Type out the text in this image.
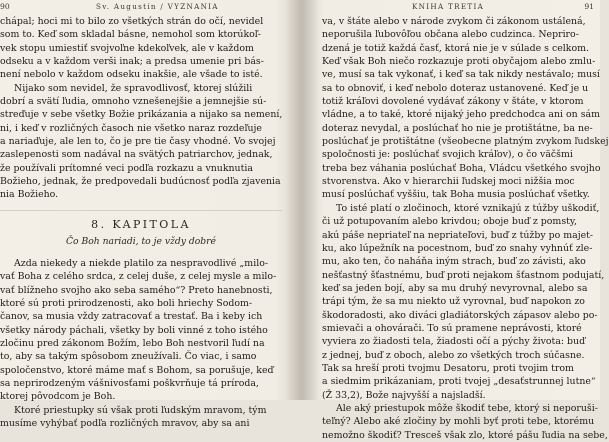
90	Sv. Augustín / VYZNANIA
chápal; hoci mi to bilo zo všetkých strán do očí, nevidel
som to. Keď som skladal básne, nemohol som ktorúkoľ-
vek stopu umiestiť svojvoľne kdekoľvek, ale v každom
odseku a v každom verši inak; a predsa umenie pri bás-
není nebolo v každom odseku inakšie, ale všade to isté.
Nijako som nevidel, že spravodlivosť, ktorej slúžili
dobrí a svätí ľudia, omnoho vznešenejšie a jemnejšie sú-
streďuje v sebe všetky Božie prikázania a nijako sa nemení,
ni, i keď v rozličných časoch nie všetko naraz rozdeľuje
a nariaďuje, ale len to, čo je pre tie časy vhodné. Vo svojej
zaslepenosti som nadával na svätých patriarchov, jednak,
že používali prítomné veci podľa rozkazu a vnuknutia
Božieho, jednak, že predpovedali budúcnosť podľa zjavenia
nia Božieho.
8. KAPITOLA
Čo Boh nariadi, to je vždy dobré
Azda niekedy a niekde platilo za nespravodlivé „milo-
vať Boha z celého srdca, z celej duše, z celej mysle a milo-
vať blížneho svojho ako seba samého“? Preto hanebnosti,
ktoré sú proti prirodzenosti, ako boli hriechy Sodom-
čanov, sa musia vždy zatracovať a trestať. Ba i keby ich
všetky národy páchali, všetky by boli vinné z toho istého
zločinu pred zákonom Božím, lebo Boh nestvoril ľudí na
to, aby sa takým spôsobom zneužívali. Čo viac, i samo
spoločenstvo, ktoré máme mať s Bohom, sa porušuje, keď
sa neprirodzeným vášnivosťami poškvrňuje tá príroda,
ktorej pôvodcom je Boh.
Ktoré priestupky sú však proti ľudským mravom, tým
musíme vyhýbať podľa rozličných mravov, aby sa ani
KNIHA TRETIA	91
va, v štáte alebo v národe zvykom či zákonom ustálená,
neporušila ľubovôľou občana alebo cudzinca. Nepriro-
dzená je totiž každá časť, ktorá nie je v súlade s celkom.
Keď však Boh niečo rozkazuje proti obyčajom alebo zmlu-
ve, musí sa tak vykonať, i keď sa tak nikdy nestávalo; musí
sa to obnoviť, i keď nebolo doteraz ustanovené. Keď je u
totiž kráľovi dovolené vydávať zákony v štáte, v ktorom
vládne, a to také, ktoré nijaký jeho predchodca ani on sám
doteraz nevydal, a poslúchať ho nie je protištátne, ba ne-
poslúchať je protištátne (všeobecne platným zvykom ľudskej
spoločnosti je: poslúchať svojich kráľov), o čo väčšmi
treba bez váhania poslúchať Boha, Vládcu všetkého svojho
stvorenstva. Ako v hierarchii ľudskej moci nižšia moc
musí poslúchať vyššiu, tak Boha musia poslúchať všetky.
To isté platí o zločinoch, ktoré vznikajú z túžby uškodiť,
či už potupovaním alebo krivdou; oboje buď z pomsty,
akú páše nepriateľ na nepriateľovi, buď z túžby po majet-
ku, ako lúpežník na pocestnom, buď zo snahy vyhnúť zle-
mu, ako ten, čo naháňa iným strach, buď zo závisti, ako
nešťastný šťastnému, buď proti nejakom šťastnom podujatí,
keď sa jeden bojí, aby sa mu druhý nevyrovnal, alebo sa
trápi tým, že sa mu niekto už vyrovnal, buď napokon zo
škodoradosti, ako diváci gladiátorských zápasov alebo po-
smievači a ohovárači. To sú pramene neprávosti, ktoré
vyviera zo žiadosti tela, žiadosti očí a pýchy života: buď
z jednej, buď z oboch, alebo zo všetkých troch súčasne.
Tak sa hreší proti tvojmu Desatoru, proti tvojim trom
a siedmim prikázaniam, proti tvojej „desaťstrunnej lutne“
(Ž 33,2), Bože najvyšší a najsladší.
Ale aký priestupok môže škodiť tebe, ktorý si neporuši-
teľný? Alebo aké zločiny by mohli byť proti tebe, ktorému
nemožno škodiť? Trescеš však zlo, ktoré pášu ľudia na sebe,
